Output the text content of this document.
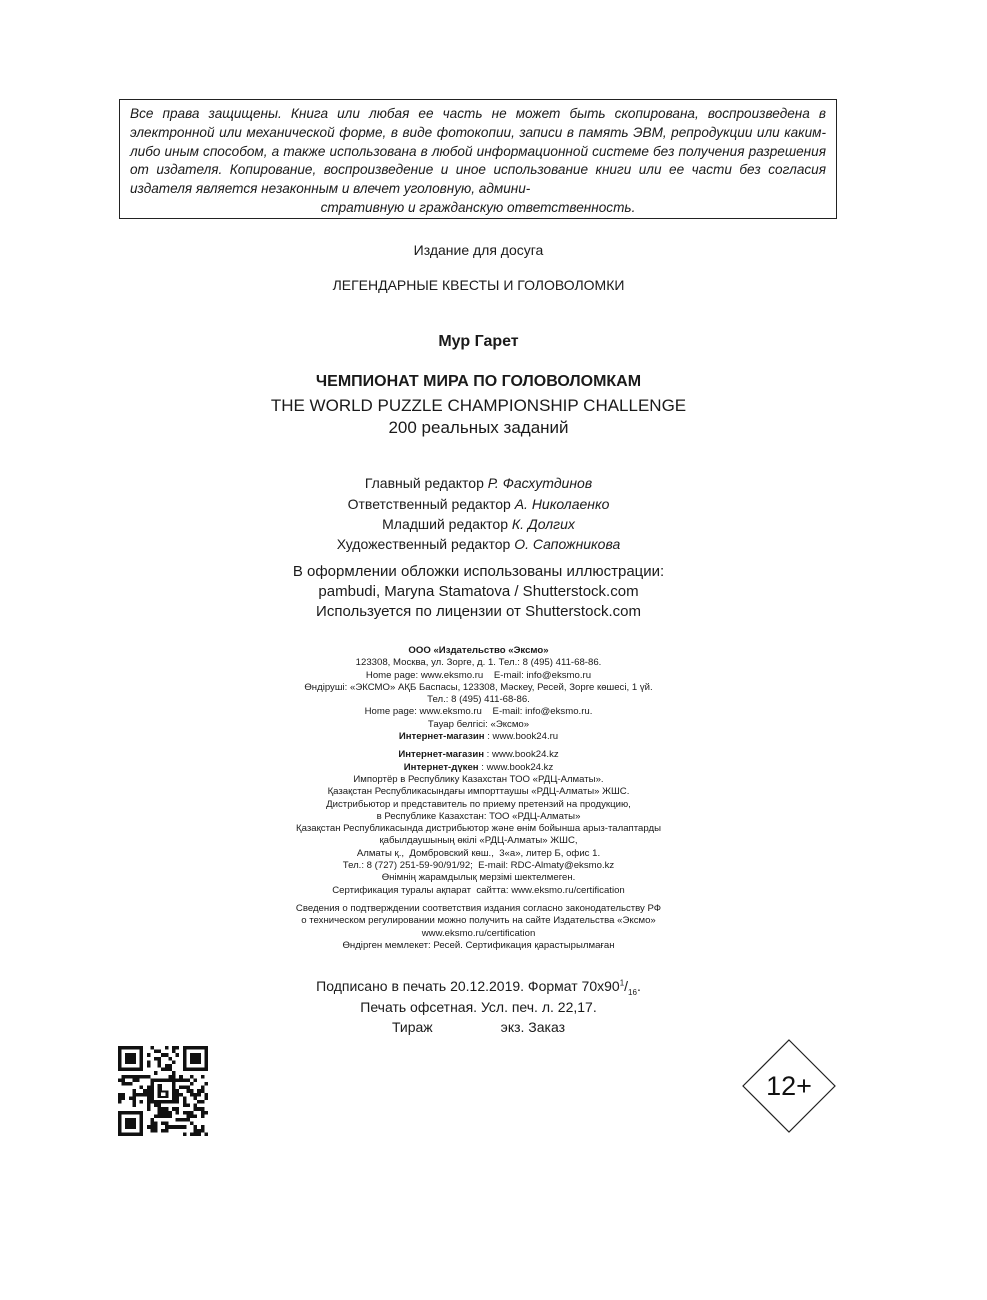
Все права защищены. Книга или любая ее часть не может быть скопирована, воспроизведена в электронной или механической форме, в виде фотокопии, записи в память ЭВМ, репродукции или каким-либо иным способом, а также использована в любой информационной системе без получения разрешения от издателя. Копирование, воспроизведение и иное использование книги или ее части без согласия издателя является незаконным и влечет уголовную, админи-
стративную и гражданскую ответственность.
Издание для досуга
ЛЕГЕНДАРНЫЕ КВЕСТЫ И ГОЛОВОЛОМКИ
Мур Гарет
ЧЕМПИОНАТ МИРА ПО ГОЛОВОЛОМКАМ
THE WORLD PUZZLE CHAMPIONSHIP CHALLENGE
200 реальных заданий
Главный редактор Р. Фасхутдинов
Ответственный редактор А. Николаенко
Младший редактор К. Долгих
Художественный редактор О. Сапожникова
В оформлении обложки использованы иллюстрации:
pambudi, Maryna Stamatova / Shutterstock.com
Используется по лицензии от Shutterstock.com
ООО «Издательство «Эксмо»
123308, Москва, ул. Зорге, д. 1. Тел.: 8 (495) 411-68-86.
Home page: www.eksmo.ru    E-mail: info@eksmo.ru
Өндіруші: «ЭКСМО» АҚБ Баспасы, 123308, Мәскеу, Ресей, Зорге көшесі, 1 үй.
Тел.: 8 (495) 411-68-86.
Home page: www.eksmo.ru    E-mail: info@eksmo.ru.
Тауар белгісі: «Эксмо»
Интернет-магазин : www.book24.ru
Интернет-магазин : www.book24.kz
Интернет-дүкен : www.book24.kz
Импортёр в Республику Казахстан ТОО «РДЦ-Алматы».
Қазақстан Республикасындағы импорттаушы «РДЦ-Алматы» ЖШС.
Дистрибьютор и представитель по приему претензий на продукцию,
в Республике Казахстан: ТОО «РДЦ-Алматы»
Қазақстан Республикасында дистрибьютор және өнім бойынша арыз-талаптарды
қабылдаушының өкілі «РДЦ-Алматы» ЖШС,
Алматы қ.,  Домбровский көш.,  3«а», литер Б, офис 1.
Тел.: 8 (727) 251-59-90/91/92;  E-mail: RDC-Almaty@eksmo.kz
Өнімнің жарамдылық мерзімі шектелмеген.
Сертификация туралы ақпарат  сайтта: www.eksmo.ru/certification
Сведения о подтверждении соответствия издания согласно законодательству РФ
о техническом регулировании можно получить на сайте Издательства «Эксмо»
www.eksmo.ru/certification
Өндірген мемлекет: Ресей. Сертификация қарастырылмаған
Подписано в печать 20.12.2019. Формат $70x90^1/_{16}$.
Печать офсетная. Усл. печ. л. 22,17.
Тираж	экз. Заказ
12+
